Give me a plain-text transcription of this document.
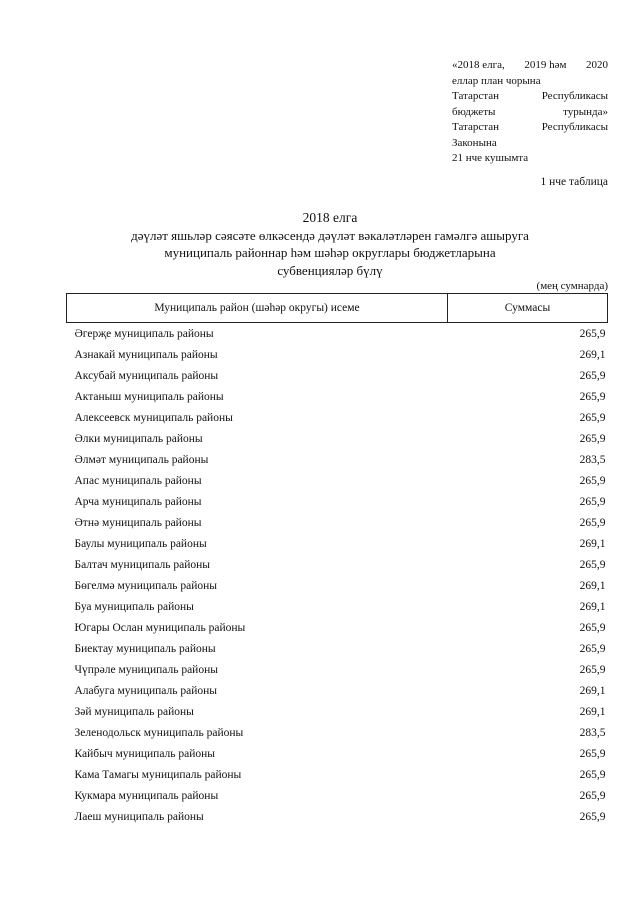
«2018 елга, 2019 һәм 2020
еллар план чорына
Татарстан	Республикасы
бюджеты	турында»
Татарстан	Республикасы
Законына
21 нче кушымта
1 нче таблица
2018 елга
дәүләт яшьләр сәясәте өлкәсендә дәүләт вәкаләтләрен гамәлгә ашыруга
муниципаль районнар һәм шәһәр округлары бюджетларына
субвенцияләр бүлү
(мең сумнарда)
Муниципаль район (шәһәр округы) исеме	Суммасы
Әгерҗе муниципаль районы	265,9
Азнакай муниципаль районы	269,1
Аксубай муниципаль районы	265,9
Актаныш муниципаль районы	265,9
Алексеевск муниципаль районы	265,9
Әлки муниципаль районы	265,9
Әлмәт муниципаль районы	283,5
Апас муниципаль районы	265,9
Арча муниципаль районы	265,9
Әтнә муниципаль районы	265,9
Баулы муниципаль районы	269,1
Балтач муниципаль районы	265,9
Бөгелмә муниципаль районы	269,1
Буа муниципаль районы	269,1
Югары Ослан муниципаль районы	265,9
Биектау муниципаль районы	265,9
Чүпрәле муниципаль районы	265,9
Алабуга муниципаль районы	269,1
Зәй муниципаль районы	269,1
Зеленодольск муниципаль районы	283,5
Кайбыч муниципаль районы	265,9
Кама Тамагы муниципаль районы	265,9
Кукмара муниципаль районы	265,9
Лаеш муниципаль районы	265,9
